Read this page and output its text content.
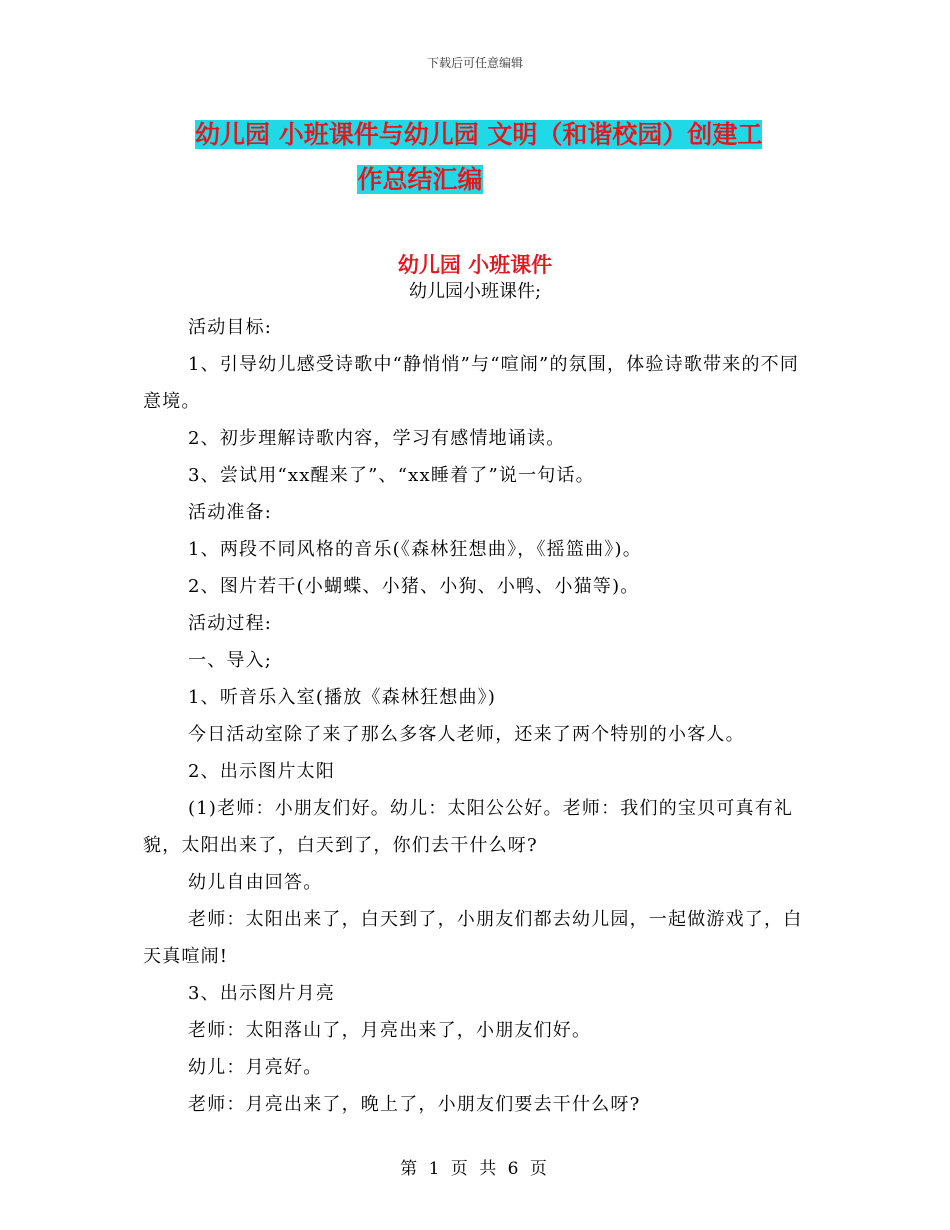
下载后可任意编辑
幼儿园 小班课件与幼儿园 文明（和谐校园）创建工

作总结汇编
幼儿园 小班课件
幼儿园小班课件;
活动目标:
1、引导幼儿感受诗歌中“静悄悄”与“喧闹”的氛围，体验诗歌带来的不同意境。
2、初步理解诗歌内容，学习有感情地诵读。
3、尝试用“xx醒来了”、“xx睡着了”说一句话。
活动准备:
1、两段不同风格的音乐(《森林狂想曲》，《摇篮曲》)。
2、图片若干(小蝴蝶、小猪、小狗、小鸭、小猫等)。
活动过程:
一、导入;
1、听音乐入室(播放《森林狂想曲》)
今日活动室除了来了那么多客人老师，还来了两个特别的小客人。
2、出示图片太阳
(1)老师：小朋友们好。幼儿：太阳公公好。老师：我们的宝贝可真有礼貌，太阳出来了，白天到了，你们去干什么呀?
幼儿自由回答。
老师：太阳出来了，白天到了，小朋友们都去幼儿园，一起做游戏了，白天真喧闹!
3、出示图片月亮
老师：太阳落山了，月亮出来了，小朋友们好。
幼儿：月亮好。
老师：月亮出来了，晚上了，小朋友们要去干什么呀?
第 1 页 共 6 页
